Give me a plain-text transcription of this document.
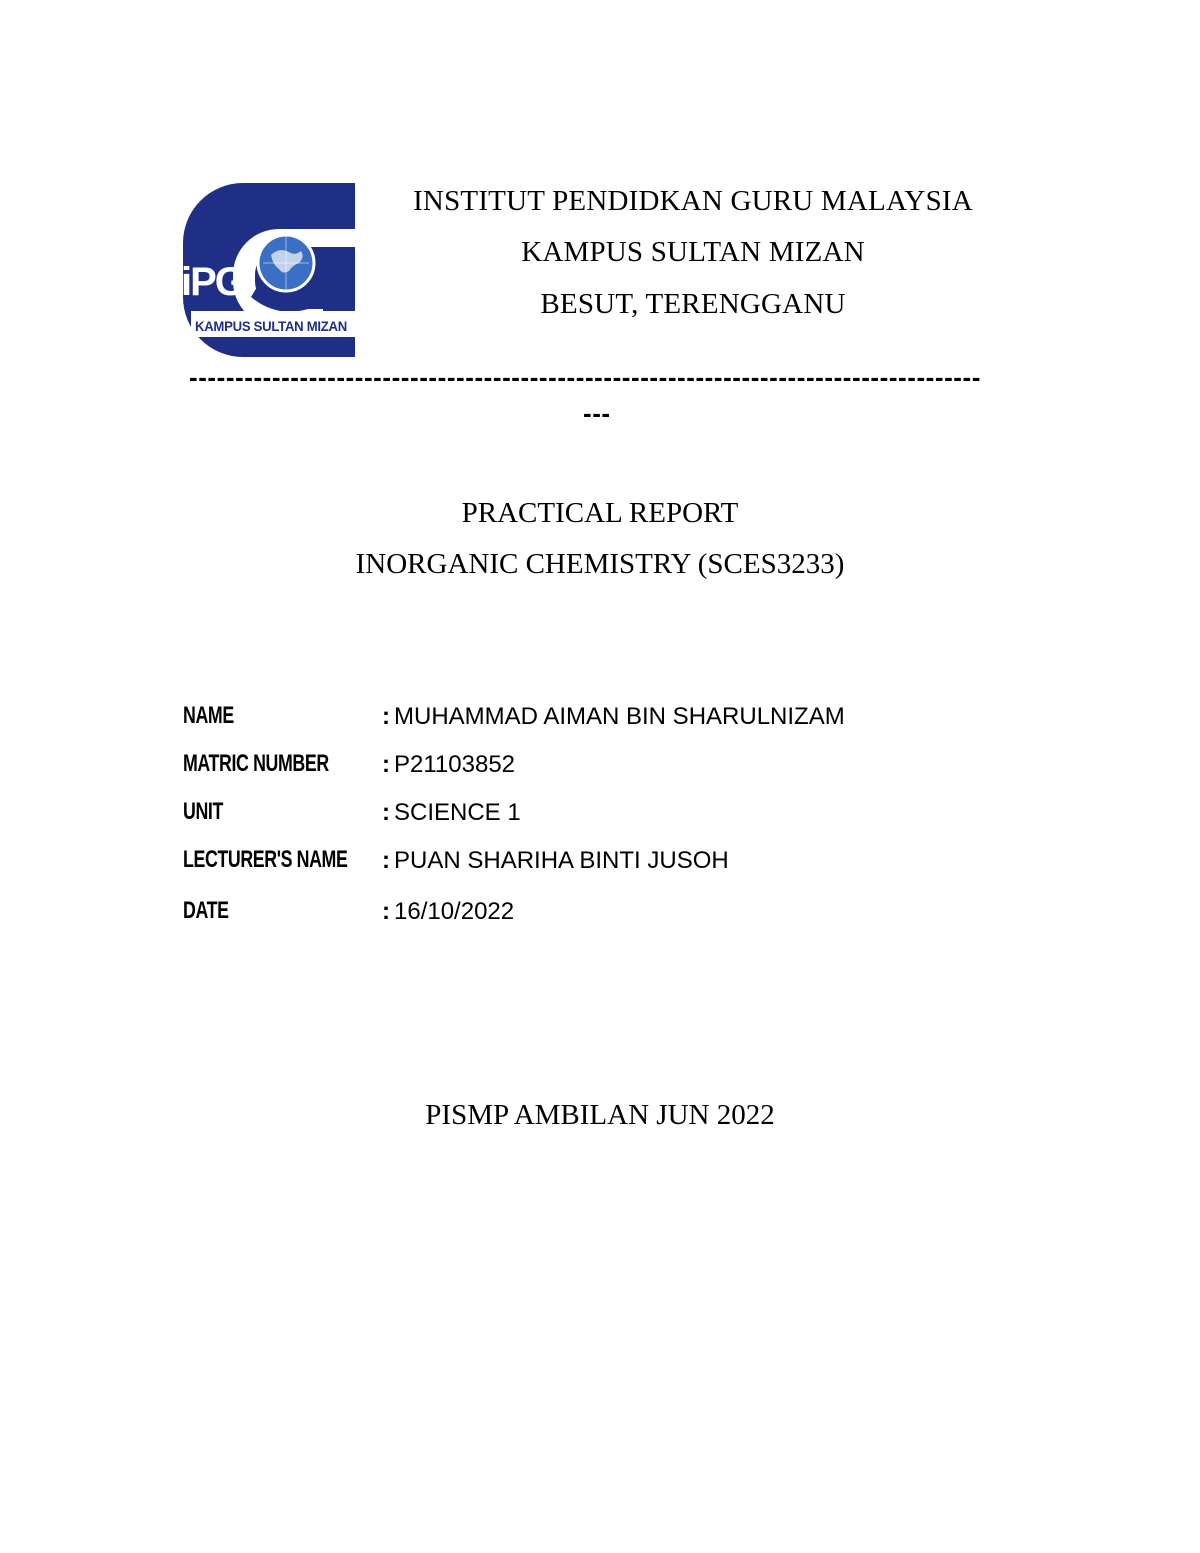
iPG
KAMPUS SULTAN MIZAN
INSTITUT PENDIDKAN GURU MALAYSIA
KAMPUS SULTAN MIZAN
BESUT, TERENGGANU
--------------------------------------------------------------------------------------
---
PRACTICAL REPORT
INORGANIC CHEMISTRY (SCES3233)
NAME	: MUHAMMAD AIMAN BIN SHARULNIZAM
MATRIC NUMBER : P21103852
UNIT	: SCIENCE 1
LECTURER'S NAME : PUAN SHARIHA BINTI JUSOH
DATE	: 16/10/2022
PISMP AMBILAN JUN 2022
